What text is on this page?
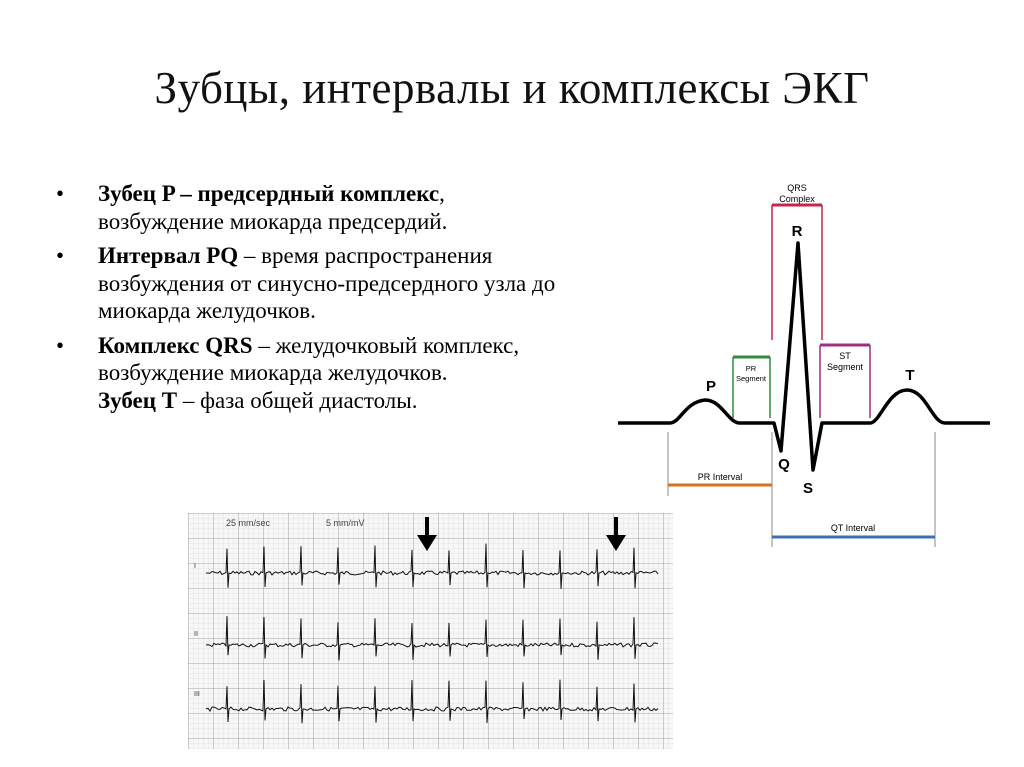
Зубцы, интервалы и комплексы ЭКГ
• Зубец P – предсердный комплекс, возбуждение миокарда предсердий.
• Интервал PQ – время распространения возбуждения от синусно-предсердного узла до миокарда желудочков.
• Комплекс QRS – желудочковый комплекс, возбуждение миокарда желудочков.
Зубец Т – фаза общей диастолы.
QRS
Complex
PR
Segment
ST
Segment
PR Interval
QT Interval
R
P
T
Q
S
25 mm/sec	5 mm/mV
I
II
III
